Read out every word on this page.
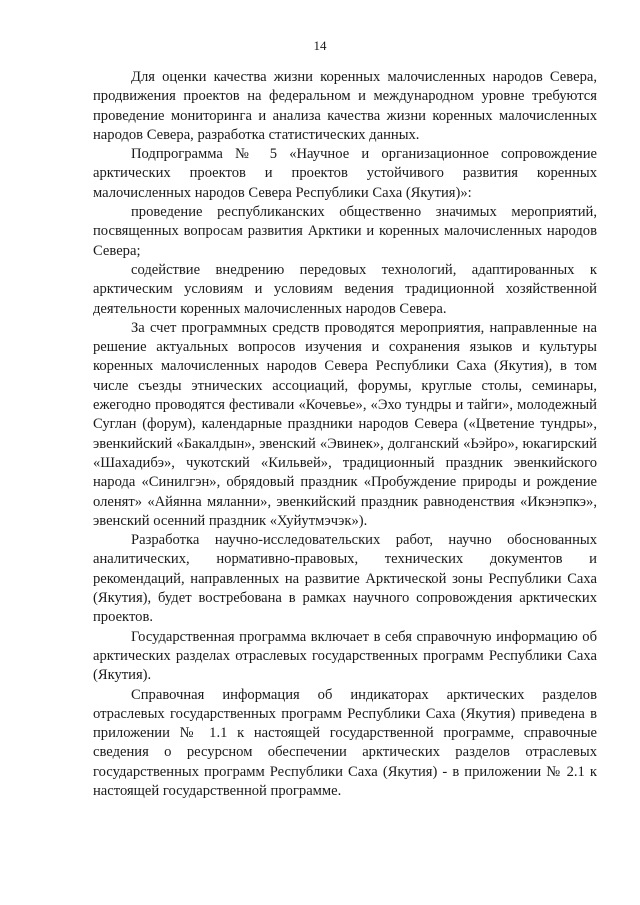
14

Для оценки качества жизни коренных малочисленных народов Севера, продвижения проектов на федеральном и международном уровне требуются проведение мониторинга и анализа качества жизни коренных малочисленных народов Севера, разработка статистических данных.

Подпрограмма № 5 «Научное и организационное сопровождение арктических проектов и проектов устойчивого развития коренных малочисленных народов Севера Республики Саха (Якутия)»:

проведение республиканских общественно значимых мероприятий, посвященных вопросам развития Арктики и коренных малочисленных народов Севера;

содействие внедрению передовых технологий, адаптированных к арктическим условиям и условиям ведения традиционной хозяйственной деятельности коренных малочисленных народов Севера.

За счет программных средств проводятся мероприятия, направленные на решение актуальных вопросов изучения и сохранения языков и культуры коренных малочисленных народов Севера Республики Саха (Якутия), в том числе съезды этнических ассоциаций, форумы, круглые столы, семинары, ежегодно проводятся фестивали «Кочевье», «Эхо тундры и тайги», молодежный Суглан (форум), календарные праздники народов Севера («Цветение тундры», эвенкийский «Бакалдын», эвенский «Эвинек», долганский «Ьэйро», юкагирский «Шахадибэ», чукотский «Кильвей», традиционный праздник эвенкийского народа «Синилгэн», обрядовый праздник «Пробуждение природы и рождение оленят» «Айянна мяланни», эвенкийский праздник равноденствия «Икэнэпкэ», эвенский осенний праздник «Хуйутмэчэк»).

Разработка научно-исследовательских работ, научно обоснованных аналитических, нормативно-правовых, технических документов и рекомендаций, направленных на развитие Арктической зоны Республики Саха (Якутия), будет востребована в рамках научного сопровождения арктических проектов.

Государственная программа включает в себя справочную информацию об арктических разделах отраслевых государственных программ Республики Саха (Якутия).

Справочная информация об индикаторах арктических разделов отраслевых государственных программ Республики Саха (Якутия) приведена в приложении № 1.1 к настоящей государственной программе, справочные сведения о ресурсном обеспечении арктических разделов отраслевых государственных программ Республики Саха (Якутия) - в приложении № 2.1 к настоящей государственной программе.
